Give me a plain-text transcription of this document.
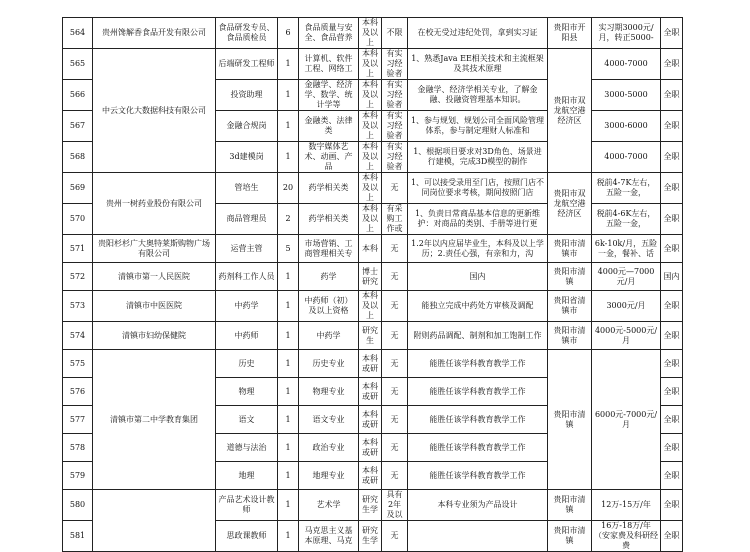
564	贵州馋解香食品开发有限公司	食品研发专员、食品质检员	6	食品质量与安全、食品营养	本科及以上	不限	在校无受过违纪处罚，拿到实习证	贵阳市开阳县	实习期3000元/月，转正5000-	全职
565	中云文化大数据科技有限公司	后端研发工程师	1	计算机、软件工程、网络工	本科及以上	有实习经验者	1、熟悉Java EE相关技术和主流框架及其技术原理	贵阳市双龙航空港经济区	4000-7000	全职
566		投资助理	1	金融学、经济学、数学、统计学等	本科及以上	有实习经验者	金融学、经济学相关专业，了解金融、投融资管理基本知识。		3000-5000	全职
567		金融合规岗	1	金融类、法律类	本科及以上	有实习经验者	1、参与规划、规划公司全面风险管理体系，参与制定理财人标准和		3000-6000	全职
568		3d建模岗	1	数字媒体艺术、动画、产品	本科及以上	有实习经验者	1、根据项目要求对3D角色、场景进行建模，完成3D模型的制作		4000-7000	全职
569	贵州一树药业股份有限公司	管培生	20	药学相关类	本科及以上	无	1、可以接受录用至门店，按照门店不同岗位要求考核，期间按照门店	贵阳市双龙航空港经济区	税前4-7K左右，五险一金，	全职
570		商品管理员	2	药学相关类	本科及以上	有采购工作或	1、负责日常商品基本信息的更新维护：对商品的类别、手册等进行更		税前4-6K左右，五险一金，	全职
571	贵阳杉杉广大奥特莱斯购物广场有限公司	运营主管	5	市场营销、工商管理相关专	本科	无	1.2年以内应届毕业生，本科及以上学历；2.责任心强，有亲和力，沟	贵阳市清镇市	6k-10k/月，五险一金，餐补、话	全职
572	清镇市第一人民医院	药剂科工作人员	1	药学	博士研究	无	国内	贵阳市清镇	4000元—7000元/月	国内
573	清镇市中医医院	中药学	1	中药师（初）及以上资格	本科及以上	无	能独立完成中药处方审核及调配	贵阳省清镇市	3000元/月	全职
574	清镇市妇幼保健院	中药师	1	中药学	研究生	无	附则药品调配、制剂和加工饱制工作	贵阳市清镇市	4000元-5000元/月	全职
575	清镇市第二中学教育集团	历史	1	历史专业	本科或研	无	能胜任该学科教育教学工作	贵阳市清镇	6000元-7000元/月	全职
576		物理	1	物理专业	本科或研	无	能胜任该学科教育教学工作			全职
577		语文	1	语文专业	本科或研	无	能胜任该学科教育教学工作			全职
578		道德与法治	1	政治专业	本科或研	无	能胜任该学科教育教学工作			全职
579		地理	1	地理专业	本科或研	无	能胜任该学科教育教学工作			全职
580		产品艺术设计教师	1	艺术学	研究生学	具有2年及以	本科专业须为产品设计	贵阳市清镇	12万-15万/年	全职
581		思政课教师	1	马克思主义基本原理、马克	研究生学	无		贵阳市清镇	16万-18万/年（安家费及科研经费	全职
